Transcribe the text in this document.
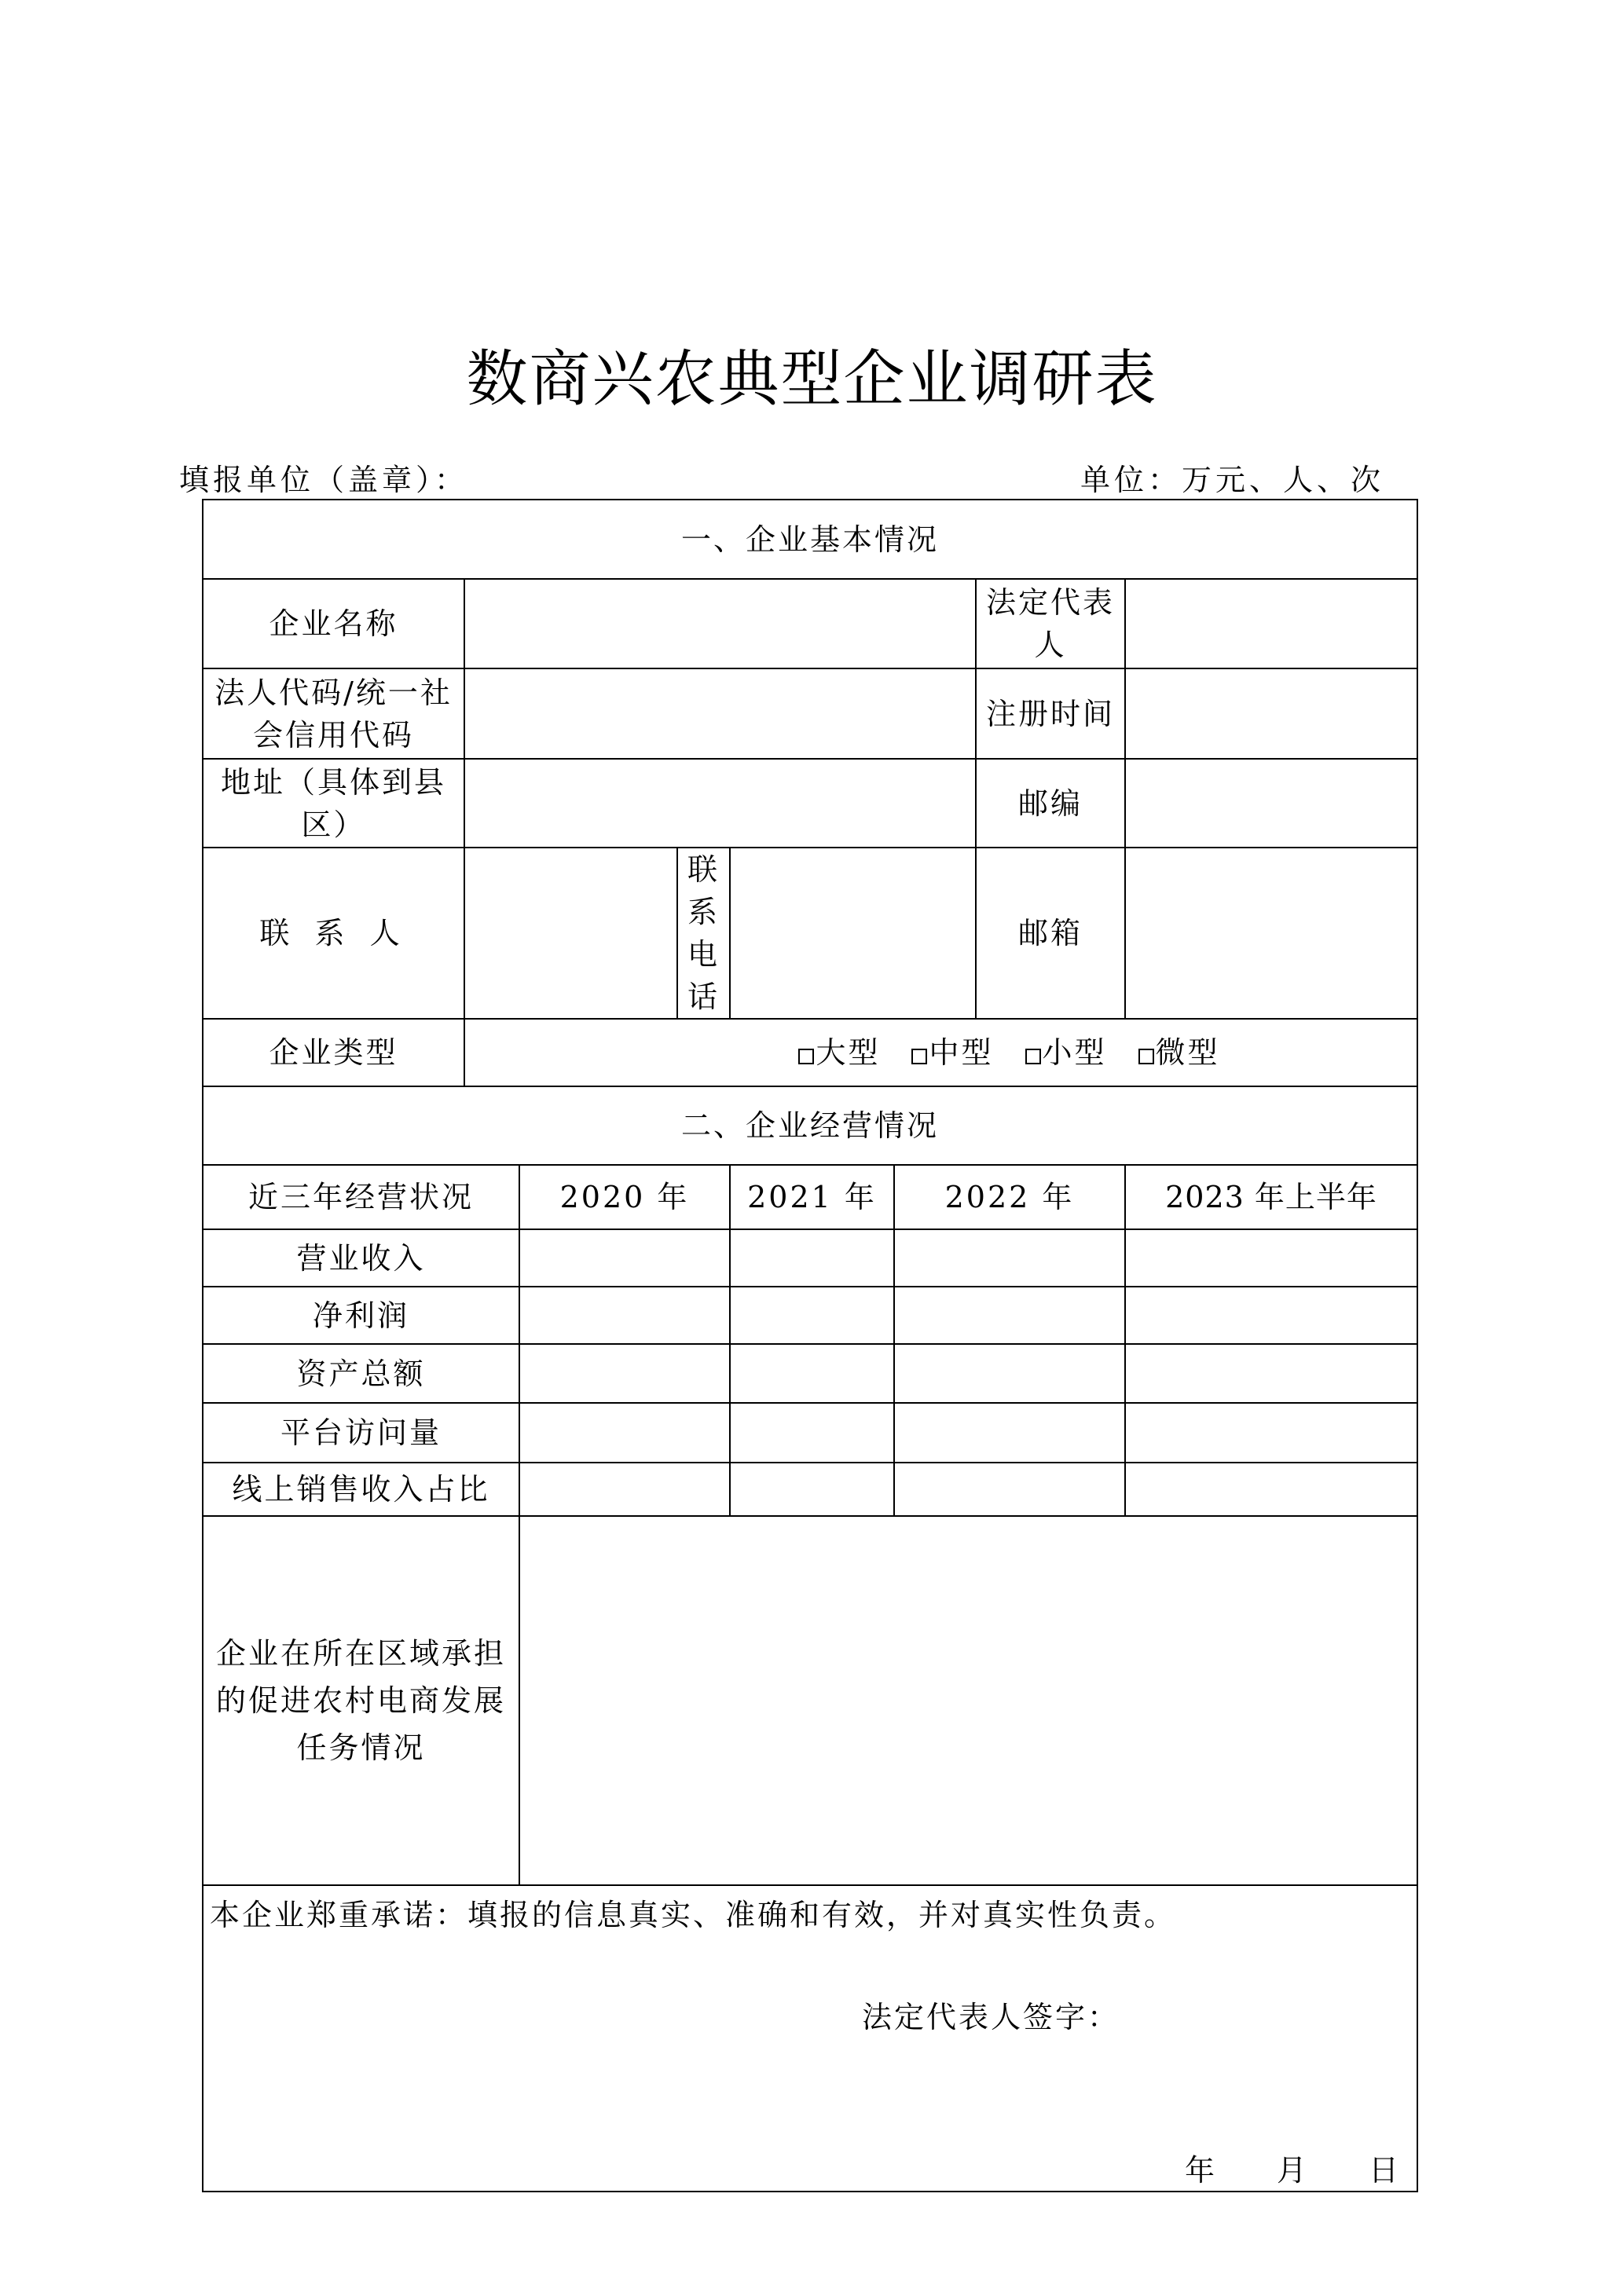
数商兴农典型企业调研表
填报单位（盖章）：	单位：万元、人、次
一、企业基本情况							
企业名称						法定代表人	
法人代码/统一社会信用代码						注册时间	
地址（具体到县区）						邮编	
联 系 人			联系电话			邮箱	
企业类型	大型 中型 小型 微型						
二、企业经营情况							
近三年经营状况		2020 年		2021 年	2022 年		2023 年上半年
营业收入							
净利润							
资产总额							
平台访问量							
线上销售收入占比							
企业在所在区域承担的促进农村电商发展任务情况							

本企业郑重承诺：填报的信息真实、准确和有效，并对真实性负责。
法定代表人签字：
年 月 日							
